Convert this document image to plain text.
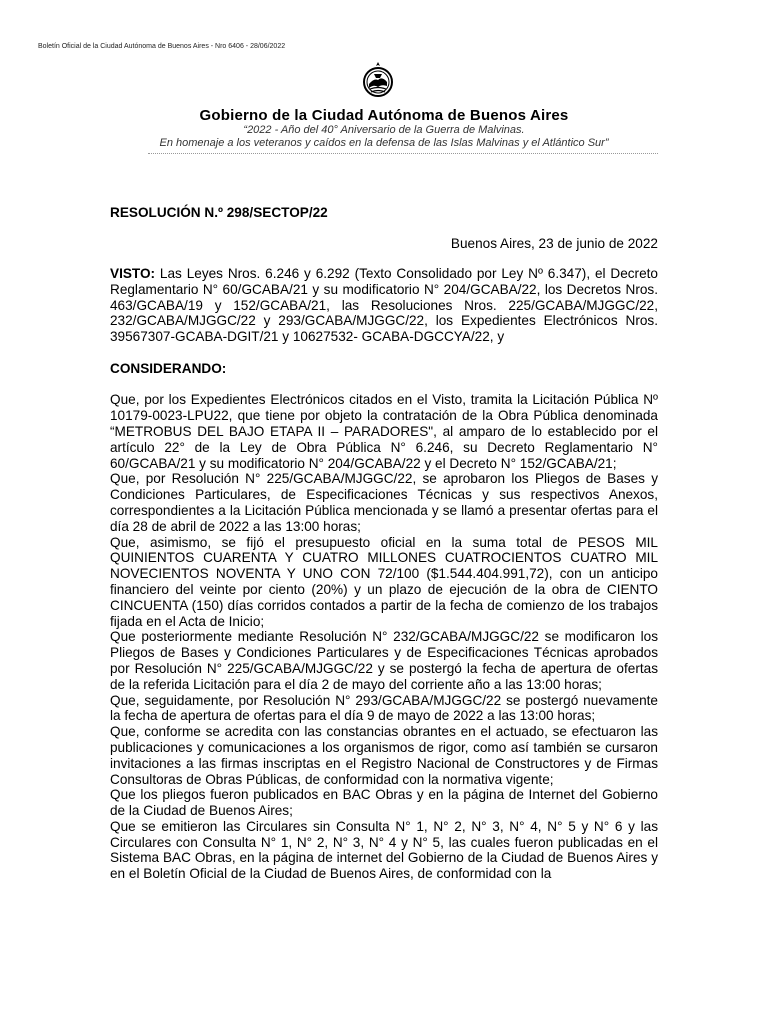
Boletín Oficial de la Ciudad Autónoma de Buenos Aires - Nro 6406 - 28/06/2022
Gobierno de la Ciudad Autónoma de Buenos Aires
“2022 - Año del 40° Aniversario de la Guerra de Malvinas.
En homenaje a los veteranos y caídos en la defensa de las Islas Malvinas y el Atlántico Sur”
RESOLUCIÓN N.º 298/SECTOP/22
Buenos Aires, 23 de junio de 2022

VISTO: Las Leyes Nros. 6.246 y 6.292 (Texto Consolidado por Ley Nº 6.347), el Decreto Reglamentario N° 60/GCABA/21 y su modificatorio N° 204/GCABA/22, los Decretos Nros. 463/GCABA/19 y 152/GCABA/21, las Resoluciones Nros. 225/GCABA/MJGGC/22, 232/GCABA/MJGGC/22 y 293/GCABA/MJGGC/22, los Expedientes Electrónicos Nros. 39567307-GCABA-DGIT/21 y 10627532- GCABA-DGCCYA/22, y

CONSIDERANDO:

Que, por los Expedientes Electrónicos citados en el Visto, tramita la Licitación Pública Nº 10179-0023-LPU22, que tiene por objeto la contratación de la Obra Pública denominada “METROBUS DEL BAJO ETAPA II – PARADORES", al amparo de lo establecido por el artículo 22° de la Ley de Obra Pública N° 6.246, su Decreto Reglamentario N° 60/GCABA/21 y su modificatorio N° 204/GCABA/22 y el Decreto N° 152/GCABA/21;

Que, por Resolución N° 225/GCABA/MJGGC/22, se aprobaron los Pliegos de Bases y Condiciones Particulares, de Especificaciones Técnicas y sus respectivos Anexos, correspondientes a la Licitación Pública mencionada y se llamó a presentar ofertas para el día 28 de abril de 2022 a las 13:00 horas;

Que, asimismo, se fijó el presupuesto oficial en la suma total de PESOS MIL QUINIENTOS CUARENTA Y CUATRO MILLONES CUATROCIENTOS CUATRO MIL NOVECIENTOS NOVENTA Y UNO CON 72/100 ($1.544.404.991,72), con un anticipo financiero del veinte por ciento (20%) y un plazo de ejecución de la obra de CIENTO CINCUENTA (150) días corridos contados a partir de la fecha de comienzo de los trabajos fijada en el Acta de Inicio;

Que posteriormente mediante Resolución N° 232/GCABA/MJGGC/22 se modificaron los Pliegos de Bases y Condiciones Particulares y de Especificaciones Técnicas aprobados por Resolución N° 225/GCABA/MJGGC/22 y se postergó la fecha de apertura de ofertas de la referida Licitación para el día 2 de mayo del corriente año a las 13:00 horas;

Que, seguidamente, por Resolución N° 293/GCABA/MJGGC/22 se postergó nuevamente la fecha de apertura de ofertas para el día 9 de mayo de 2022 a las 13:00 horas;

Que, conforme se acredita con las constancias obrantes en el actuado, se efectuaron las publicaciones y comunicaciones a los organismos de rigor, como así también se cursaron invitaciones a las firmas inscriptas en el Registro Nacional de Constructores y de Firmas Consultoras de Obras Públicas, de conformidad con la normativa vigente;

Que los pliegos fueron publicados en BAC Obras y en la página de Internet del Gobierno de la Ciudad de Buenos Aires;

Que se emitieron las Circulares sin Consulta N° 1, N° 2, N° 3, N° 4, N° 5 y N° 6 y las Circulares con Consulta N° 1, N° 2, N° 3, N° 4 y N° 5, las cuales fueron publicadas en el Sistema BAC Obras, en la página de internet del Gobierno de la Ciudad de Buenos Aires y en el Boletín Oficial de la Ciudad de Buenos Aires, de conformidad con la
